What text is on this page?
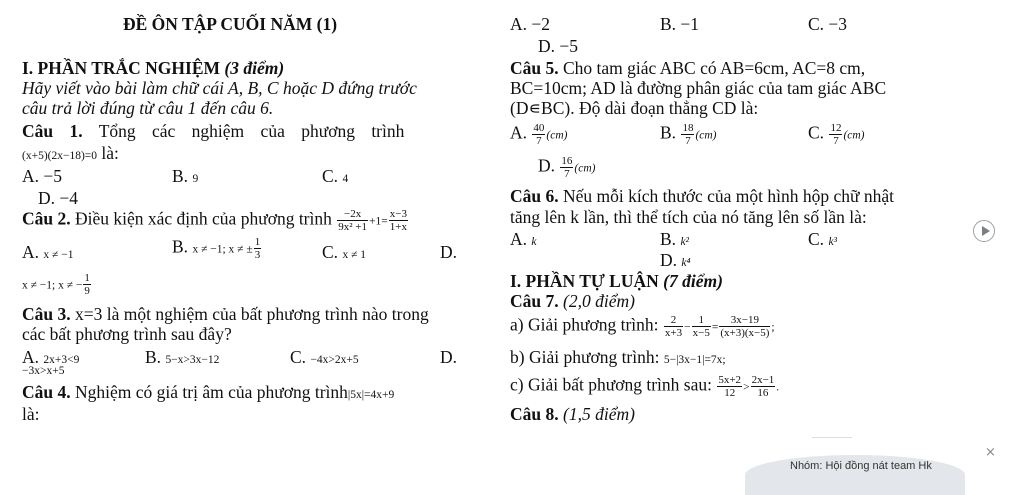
ĐỀ ÔN TẬP CUỐI NĂM (1)
I. PHẦN TRẮC NGHIỆM (3 điểm)
Hãy viết vào bài làm chữ cái A, B, C hoặc D đứng trước
câu trả lời đúng từ câu 1 đến câu 6.
Câu 1. Tổng các nghiệm của phương trình
(x+5)(2x−18)=0 là:
A. −5	B. 9	C. 4
D. −4
Câu 2. Điều kiện xác định của phương trình $\frac{-2x}{\text{9x² +1}} +1= \frac{x-3}{1+x}$
A. x ≠ −1	B. x ≠ −1; x ≠ ± $\frac{1}{3}$	C. x ≠ 1	D.
x ≠ −1; x ≠ − $\frac{1}{9}$
Câu 3. x=3 là một nghiệm của bất phương trình nào trong
các bất phương trình sau đây?
A. 2x+3<9	B. 5−x>3x−12	C. −4x>2x+5	D.
−3x>x+5
Câu 4. Nghiệm có giá trị âm của phương trình|5x|=4x+9
là:
A. −2	B. −1	C. −3
D. −5
Câu 5. Cho tam giác ABC có AB=6cm, AC=8 cm,
BC=10cm; AD là đường phân giác của tam giác ABC
(D∊BC). Độ dài đoạn thẳng CD là:
A. $\frac{40}{7} (cm)$	B. $\frac{18}{7} (cm)$	C. $\frac{12}{7} (cm)$
D. $\frac{16}{7} (cm)$
Câu 6. Nếu mỗi kích thước của một hình hộp chữ nhật
tăng lên k lần, thì thể tích của nó tăng lên số lần là:
A. k	B. k²	C. k³
D. k⁴
I. PHẦN TỰ LUẬN (7 điểm)
Câu 7. (2,0 điểm)
a) Giải phương trình: $\frac{2}{x+3} - \frac{1}{x-5} = \frac{3x-19}{(x+3)(x-5)}$ ;
b) Giải phương trình: 5−|3x−1|=7x;
c) Giải bất phương trình sau: $\frac{5x+2}{12} > \frac{2x-1}{16}$ .
Câu 8. (1,5 điểm)
×
Nhóm: Hội đồng nát team Hk
